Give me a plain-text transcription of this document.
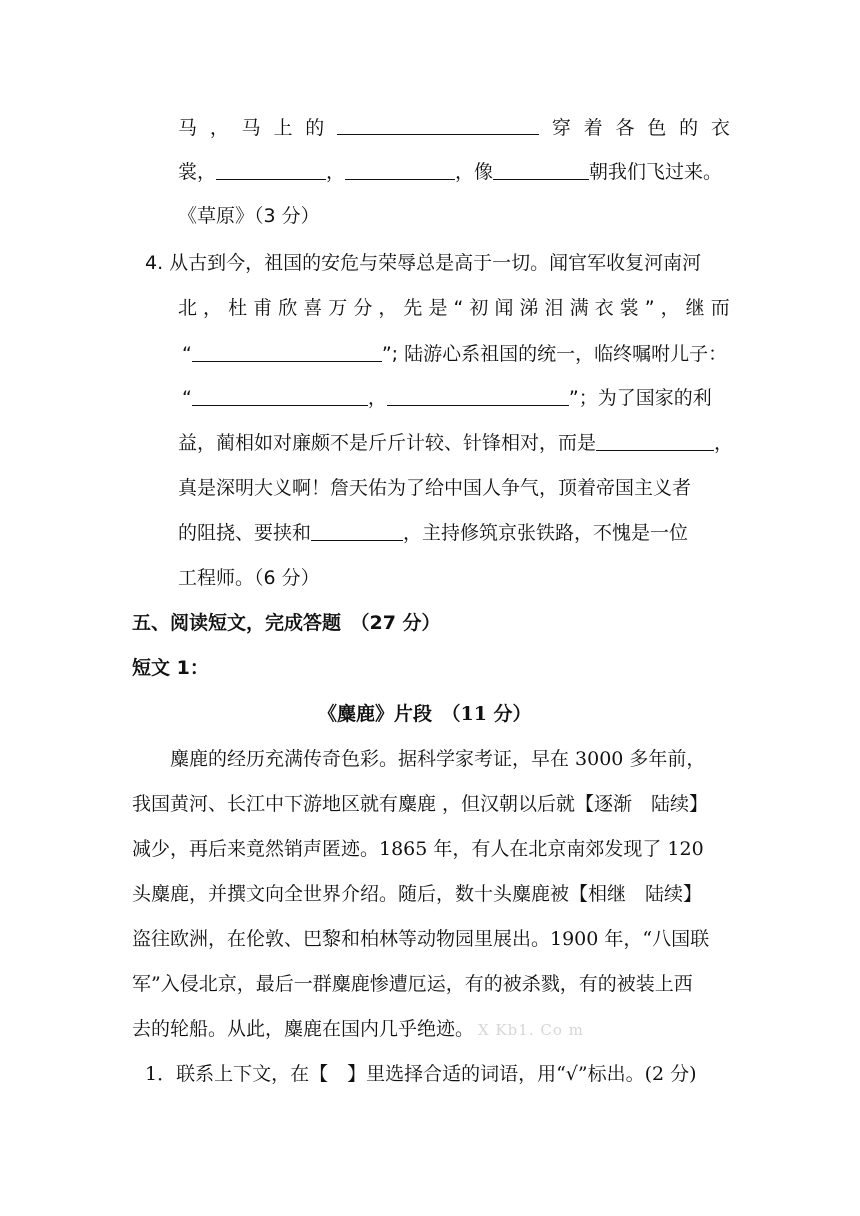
马 ， 马 上 的	穿 着 各 色 的 衣
裳，	，	，像	朝我们飞过来。
《草原》（3 分）
4. 从古到今，祖国的安危与荣辱总是高于一切。闻官军收复河南河
北 ， 杜 甫 欣 喜 万 分 ， 先 是 “ 初 闻 涕 泪 满 衣 裳 ” ， 继 而
“	”; 陆游心系祖国的统一，临终嘱咐儿子：
“	，	”；为了国家的利
益，蔺相如对廉颇不是斤斤计较、针锋相对，而是	，
真是深明大义啊！詹天佑为了给中国人争气，顶着帝国主义者
的阻挠、要挟和	，主持修筑京张铁路，不愧是一位
工程师。（6 分）
五、阅读短文，完成答题　（27 分）
短文 1：
《麋鹿》片段　（11 分）
　　麋鹿的经历充满传奇色彩。据科学家考证，早在 3000 多年前，
我国黄河、长江中下游地区就有麋鹿 ，但汉朝以后就【逐渐　陆续】
减少，再后来竟然销声匿迹。1865 年，有人在北京南郊发现了 120
头麋鹿，并撰文向全世界介绍。随后，数十头麋鹿被【相继　陆续】
盗往欧洲，在伦敦、巴黎和柏林等动物园里展出。1900 年，“八国联
军”入侵北京，最后一群麋鹿惨遭厄运，有的被杀戮，有的被装上西
去的轮船。从此，麋鹿在国内几乎绝迹。 X Kb1. Co m
1．联系上下文，在【　】里选择合适的词语，用“√”标出。(2 分)
